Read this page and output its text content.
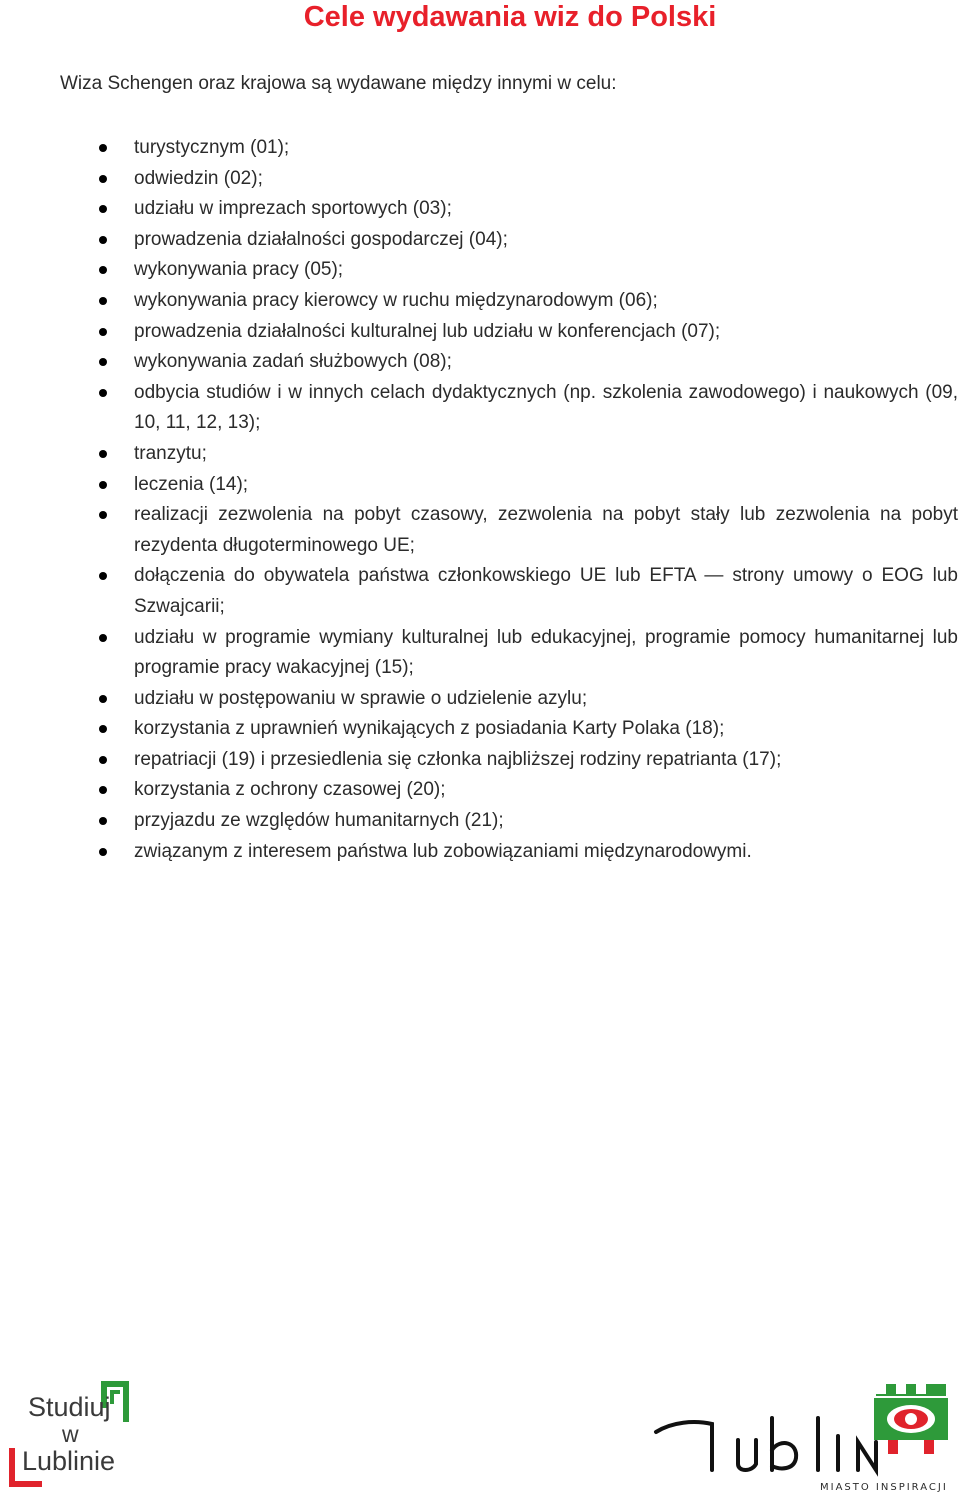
Cele wydawania wiz do Polski
Wiza Schengen oraz krajowa są wydawane między innymi w celu:
turystycznym (01);
odwiedzin (02);
udziału w imprezach sportowych (03);
prowadzenia działalności gospodarczej (04);
wykonywania pracy (05);
wykonywania pracy kierowcy w ruchu międzynarodowym (06);
prowadzenia działalności kulturalnej lub udziału w konferencjach (07);
wykonywania zadań służbowych (08);
odbycia studiów i w innych celach dydaktycznych (np. szkolenia zawodowego) i naukowych (09, 10, 11, 12, 13);
tranzytu;
leczenia (14);
realizacji zezwolenia na pobyt czasowy, zezwolenia na pobyt stały lub zezwolenia na pobyt rezydenta długoterminowego UE;
dołączenia do obywatela państwa członkowskiego UE lub EFTA — strony umowy o EOG lub Szwajcarii;
udziału w programie wymiany kulturalnej lub edukacyjnej, programie pomocy humanitarnej lub programie pracy wakacyjnej (15);
udziału w postępowaniu w sprawie o udzielenie azylu;
korzystania z uprawnień wynikających z posiadania Karty Polaka (18);
repatriacji (19) i przesiedlenia się członka najbliższej rodziny repatrianta (17);
korzystania z ochrony czasowej (20);
przyjazdu ze względów humanitarnych (21);
związanym z interesem państwa lub zobowiązaniami międzynarodowymi.
Studiuj
w
Lublinie
MIASTO INSPIRACJI
